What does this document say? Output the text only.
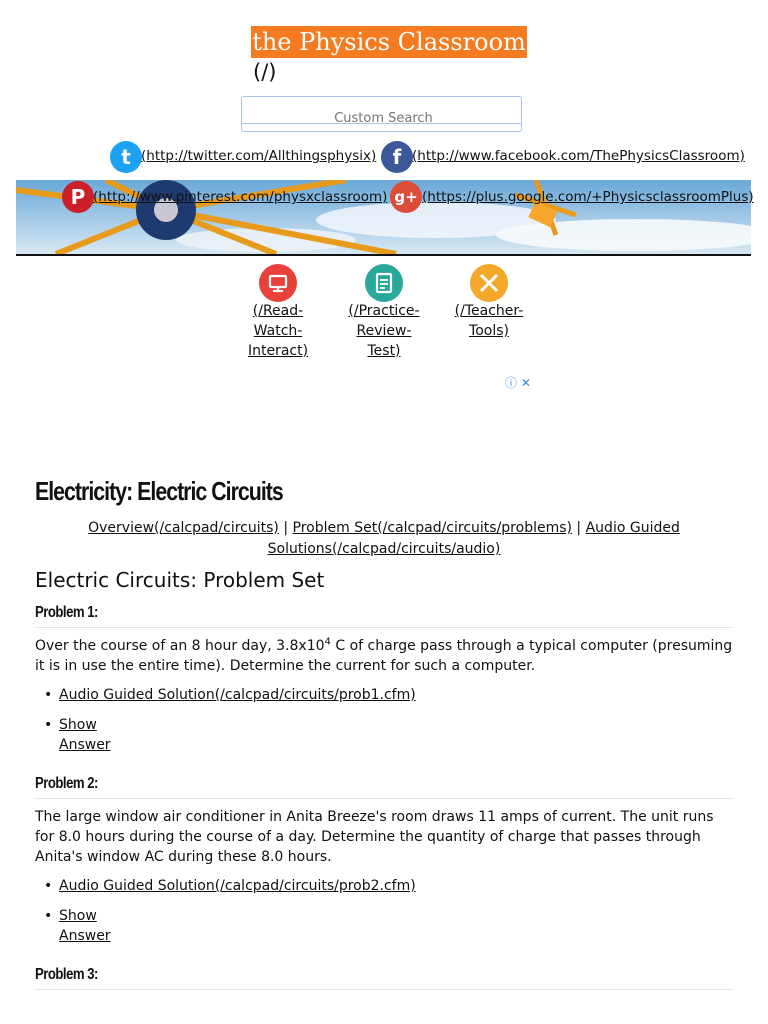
the Physics Classroom
(/)
Custom Search
t (http://twitter.com/Allthingsphysix) f (http://www.facebook.com/ThePhysicsClassroom)
P (http://www.pinterest.com/physxclassroom) g+ (https://plus.google.com/+PhysicsclassroomPlus)
(/Read-
Watch-
Interact)
(/Practice-
Review-
Test)
(/Teacher-
Tools)
ⓘ ✕
Electricity: Electric Circuits
Overview(/calcpad/circuits) | Problem Set(/calcpad/circuits/problems) | Audio Guided Solutions(/calcpad/circuits/audio)
Electric Circuits: Problem Set
Problem 1:
Over the course of an 8 hour day, $3.8x10^4$ C of charge pass through a typical computer (presuming it is in use the entire time). Determine the current for such a computer.
• Audio Guided Solution(/calcpad/circuits/prob1.cfm)
• Show
Answer
Problem 2:
The large window air conditioner in Anita Breeze's room draws 11 amps of current. The unit runs for 8.0 hours during the course of a day. Determine the quantity of charge that passes through Anita's window AC during these 8.0 hours.
• Audio Guided Solution(/calcpad/circuits/prob2.cfm)
• Show
Answer
Problem 3:
